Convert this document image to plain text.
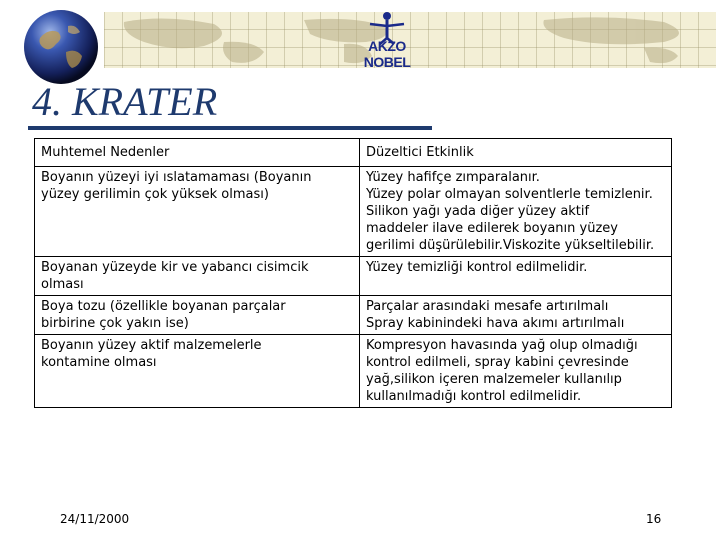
AKZO NOBEL
4. KRATER
Muhtemel Nedenler	Düzeltici Etkinlik

Boyanın yüzeyi iyi ıslatamaması (Boyanın
yüzey gerilimin çok yüksek olması)	Yüzey hafifçe zımparalanır.
Yüzey polar olmayan solventlerle temizlenir.
Silikon yağı yada diğer yüzey aktif
maddeler ilave edilerek boyanın yüzey
gerilimi düşürülebilir.Viskozite yükseltilebilir.

Boyanan yüzeyde kir ve yabancı cisimcik
olması	Yüzey temizliği kontrol edilmelidir.

Boya tozu (özellikle boyanan parçalar
birbirine çok yakın ise)	Parçalar arasındaki mesafe artırılmalı
Spray kabinindeki hava akımı artırılmalı

Boyanın yüzey aktif malzemelerle
kontamine olması	Kompresyon havasında yağ olup olmadığı
kontrol edilmeli, spray kabini çevresinde
yağ,silikon içeren malzemeler kullanılıp
kullanılmadığı kontrol edilmelidir.
24/11/2000	16
